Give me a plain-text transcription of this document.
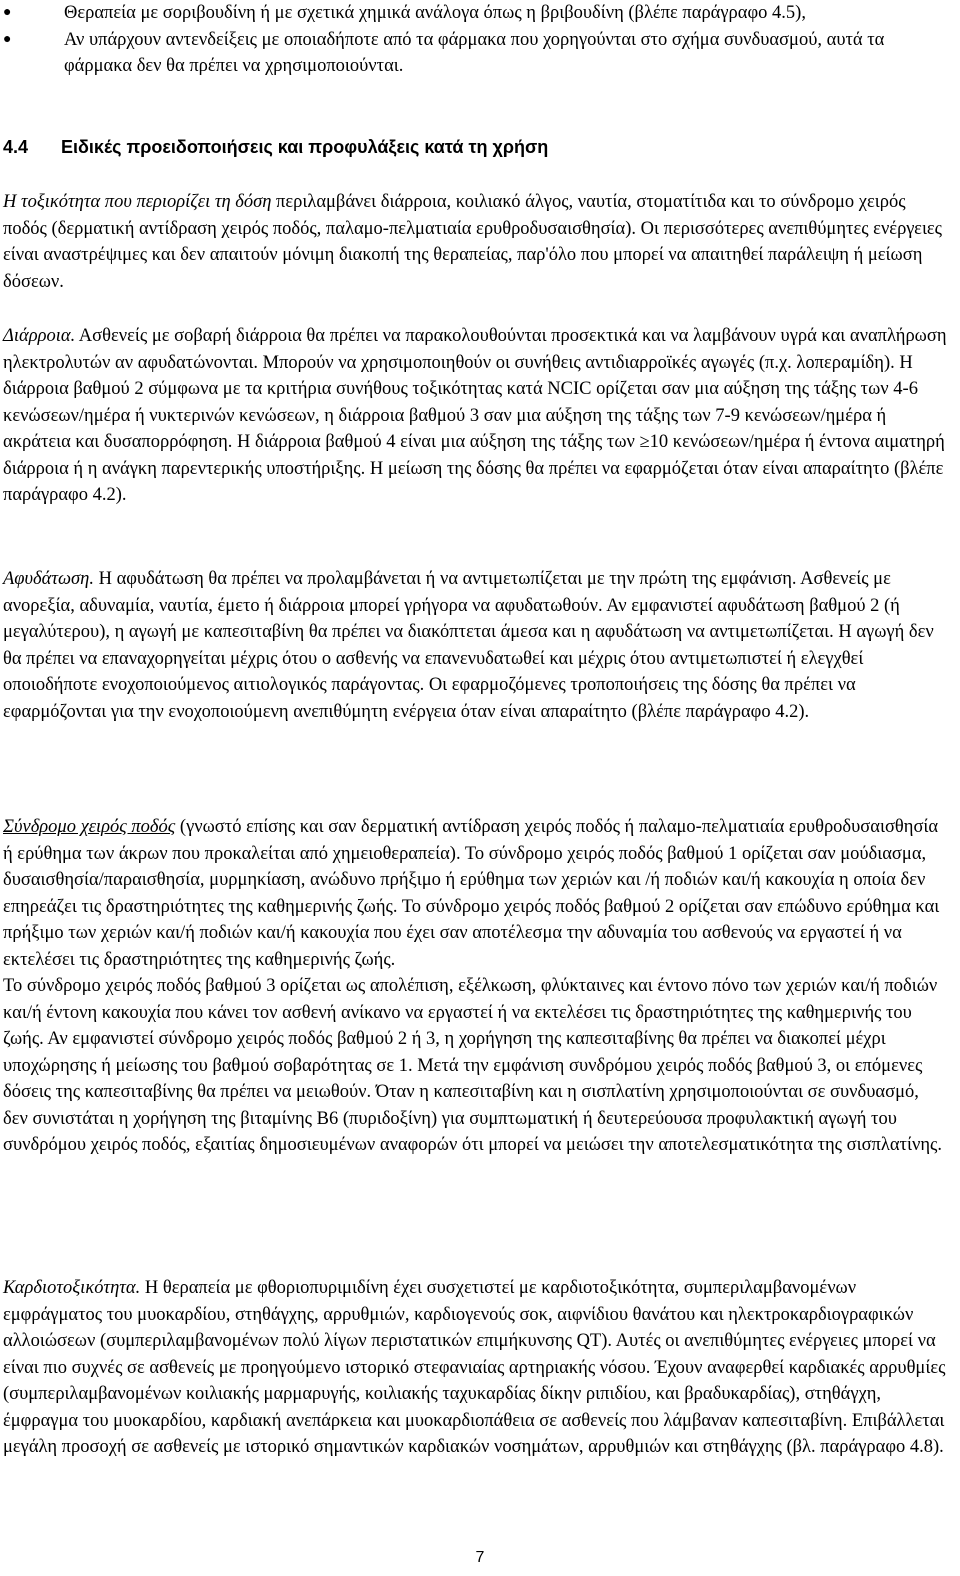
●	Θεραπεία με σοριβουδίνη ή με σχετικά χημικά ανάλογα όπως η βριβουδίνη (βλέπε παράγραφο 4.5),
●	Αν υπάρχουν αντενδείξεις με οποιαδήποτε από τα φάρμακα που χορηγούνται στο σχήμα συνδυασμού, αυτά τα φάρμακα δεν θα πρέπει να χρησιμοποιούνται.
4.4 Ειδικές προειδοποιήσεις και προφυλάξεις κατά τη χρήση

Η τοξικότητα που περιορίζει τη δόση περιλαμβάνει διάρροια, κοιλιακό άλγος, ναυτία, στοματίτιδα και το σύνδρομο χειρός ποδός (δερματική αντίδραση χειρός ποδός, παλαμο-πελματιαία ερυθροδυσαισθησία). Οι περισσότερες ανεπιθύμητες ενέργειες είναι αναστρέψιμες και δεν απαιτούν μόνιμη διακοπή της θεραπείας, παρ'όλο που μπορεί να απαιτηθεί παράλειψη ή μείωση δόσεων.

Διάρροια. Ασθενείς με σοβαρή διάρροια θα πρέπει να παρακολουθούνται προσεκτικά και να λαμβάνουν υγρά και αναπλήρωση ηλεκτρολυτών αν αφυδατώνονται. Μπορούν να χρησιμοποιηθούν οι συνήθεις αντιδιαρροϊκές αγωγές (π.χ. λοπεραμίδη). Η διάρροια βαθμού 2 σύμφωνα με τα κριτήρια συνήθους τοξικότητας κατά NCIC ορίζεται σαν μια αύξηση της τάξης των 4-6 κενώσεων/ημέρα ή νυκτερινών κενώσεων, η διάρροια βαθμού 3 σαν μια αύξηση της τάξης των 7-9 κενώσεων/ημέρα ή ακράτεια και δυσαπορρόφηση. Η διάρροια βαθμού 4 είναι μια αύξηση της τάξης των ≥10 κενώσεων/ημέρα ή έντονα αιματηρή διάρροια ή η ανάγκη παρεντερικής υποστήριξης. Η μείωση της δόσης θα πρέπει να εφαρμόζεται όταν είναι απαραίτητο (βλέπε παράγραφο 4.2).

Αφυδάτωση. Η αφυδάτωση θα πρέπει να προλαμβάνεται ή να αντιμετωπίζεται με την πρώτη της εμφάνιση. Ασθενείς με ανορεξία, αδυναμία, ναυτία, έμετο ή διάρροια μπορεί γρήγορα να αφυδατωθούν. Αν εμφανιστεί αφυδάτωση βαθμού 2 (ή μεγαλύτερου), η αγωγή με καπεσιταβίνη θα πρέπει να διακόπτεται άμεσα και η αφυδάτωση να αντιμετωπίζεται. Η αγωγή δεν θα πρέπει να επαναχορηγείται μέχρις ότου ο ασθενής να επανενυδατωθεί και μέχρις ότου αντιμετωπιστεί ή ελεγχθεί οποιοδήποτε ενοχοποιούμενος αιτιολογικός παράγοντας. Οι εφαρμοζόμενες τροποποιήσεις της δόσης θα πρέπει να εφαρμόζονται για την ενοχοποιούμενη ανεπιθύμητη ενέργεια όταν είναι απαραίτητο (βλέπε παράγραφο 4.2).

Σύνδρομο χειρός ποδός (γνωστό επίσης και σαν δερματική αντίδραση χειρός ποδός ή παλαμο-πελματιαία ερυθροδυσαισθησία ή ερύθημα των άκρων που προκαλείται από χημειοθεραπεία). Το σύνδρομο χειρός ποδός βαθμού 1 ορίζεται σαν μούδιασμα, δυσαισθησία/παραισθησία, μυρμηκίαση, ανώδυνο πρήξιμο ή ερύθημα των χεριών και /ή ποδιών και/ή κακουχία η οποία δεν επηρεάζει τις δραστηριότητες της καθημερινής ζωής. Το σύνδρομο χειρός ποδός βαθμού 2 ορίζεται σαν επώδυνο ερύθημα και πρήξιμο των χεριών και/ή ποδιών και/ή κακουχία που έχει σαν αποτέλεσμα την αδυναμία του ασθενούς να εργαστεί ή να εκτελέσει τις δραστηριότητες της καθημερινής ζωής.
Το σύνδρομο χειρός ποδός βαθμού 3 ορίζεται ως απολέπιση, εξέλκωση, φλύκταινες και έντονο πόνο των χεριών και/ή ποδιών και/ή έντονη κακουχία που κάνει τον ασθενή ανίκανο να εργαστεί ή να εκτελέσει τις δραστηριότητες της καθημερινής του ζωής. Αν εμφανιστεί σύνδρομο χειρός ποδός βαθμού 2 ή 3, η χορήγηση της καπεσιταβίνης θα πρέπει να διακοπεί μέχρι υποχώρησης ή μείωσης του βαθμού σοβαρότητας σε 1. Μετά την εμφάνιση συνδρόμου χειρός ποδός βαθμού 3, οι επόμενες δόσεις της καπεσιταβίνης θα πρέπει να μειωθούν. Όταν η καπεσιταβίνη και η σισπλατίνη χρησιμοποιούνται σε συνδυασμό, δεν συνιστάται η χορήγηση της βιταμίνης B6 (πυριδοξίνη) για συμπτωματική ή δευτερεύουσα προφυλακτική αγωγή του συνδρόμου χειρός ποδός, εξαιτίας δημοσιευμένων αναφορών ότι μπορεί να μειώσει την αποτελεσματικότητα της σισπλατίνης.

Καρδιοτοξικότητα. Η θεραπεία με φθοριοπυριμιδίνη έχει συσχετιστεί με καρδιοτοξικότητα, συμπεριλαμβανομένων εμφράγματος του μυοκαρδίου, στηθάγχης, αρρυθμιών, καρδιογενούς σοκ, αιφνίδιου θανάτου και ηλεκτροκαρδιογραφικών αλλοιώσεων (συμπεριλαμβανομένων πολύ λίγων περιστατικών επιμήκυνσης QT). Αυτές οι ανεπιθύμητες ενέργειες μπορεί να είναι πιο συχνές σε ασθενείς με προηγούμενο ιστορικό στεφανιαίας αρτηριακής νόσου. Έχουν αναφερθεί καρδιακές αρρυθμίες (συμπεριλαμβανομένων κοιλιακής μαρμαρυγής, κοιλιακής ταχυκαρδίας δίκην ριπιδίου, και βραδυκαρδίας), στηθάγχη, έμφραγμα του μυοκαρδίου, καρδιακή ανεπάρκεια και μυοκαρδιοπάθεια σε ασθενείς που λάμβαναν καπεσιταβίνη. Επιβάλλεται μεγάλη προσοχή σε ασθενείς με ιστορικό σημαντικών καρδιακών νοσημάτων, αρρυθμιών και στηθάγχης (βλ. παράγραφο 4.8).

7
